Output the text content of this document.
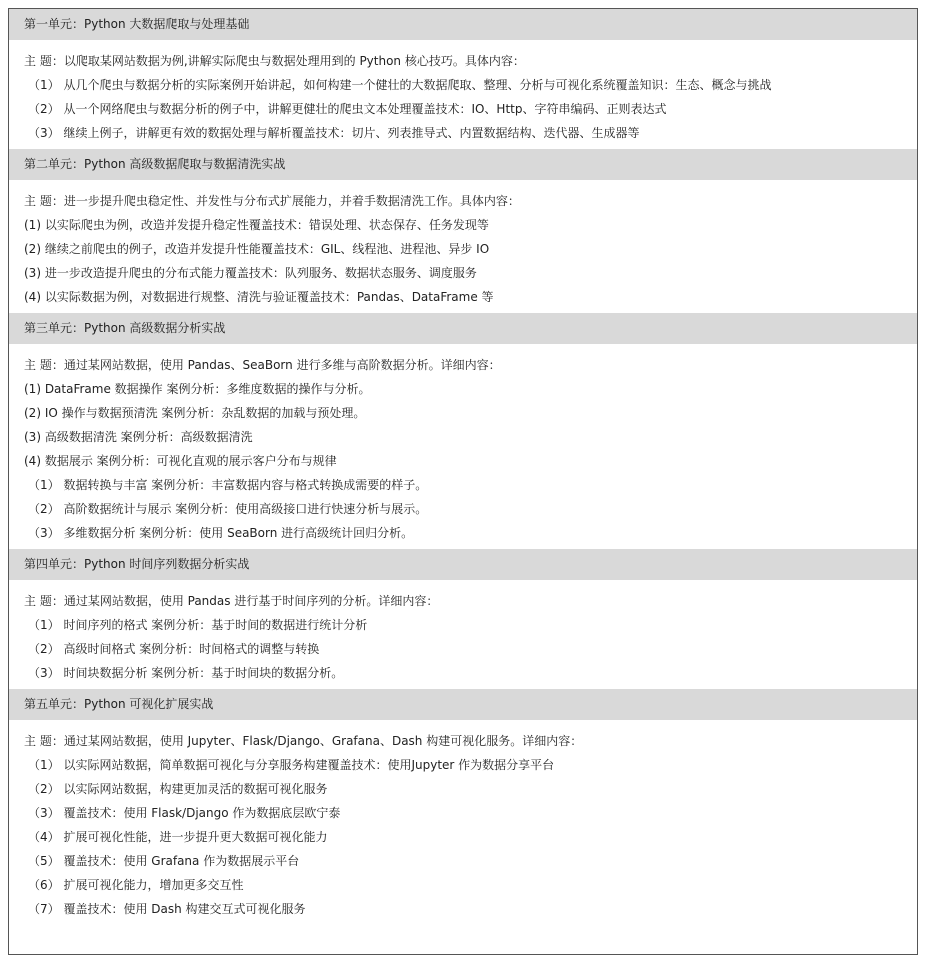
第一单元：Python 大数据爬取与处理基础
主 题：以爬取某网站数据为例,讲解实际爬虫与数据处理用到的 Python 核心技巧。具体内容：
（1） 从几个爬虫与数据分析的实际案例开始讲起，如何构建一个健壮的大数据爬取、整理、分析与可视化系统覆盖知识：生态、概念与挑战
（2） 从一个网络爬虫与数据分析的例子中，讲解更健壮的爬虫文本处理覆盖技术：IO、Http、字符串编码、正则表达式
（3） 继续上例子，讲解更有效的数据处理与解析覆盖技术：切片、列表推导式、内置数据结构、迭代器、生成器等
第二单元：Python 高级数据爬取与数据清洗实战
主 题：进一步提升爬虫稳定性、并发性与分布式扩展能力，并着手数据清洗工作。具体内容：
(1) 以实际爬虫为例，改造并发提升稳定性覆盖技术：错误处理、状态保存、任务发现等
(2) 继续之前爬虫的例子，改造并发提升性能覆盖技术：GIL、线程池、进程池、异步 IO
(3) 进一步改造提升爬虫的分布式能力覆盖技术：队列服务、数据状态服务、调度服务
(4) 以实际数据为例，对数据进行规整、清洗与验证覆盖技术：Pandas、DataFrame 等
第三单元：Python 高级数据分析实战
主 题：通过某网站数据，使用 Pandas、SeaBorn 进行多维与高阶数据分析。详细内容：
(1) DataFrame 数据操作 案例分析：多维度数据的操作与分析。
(2) IO 操作与数据预清洗 案例分析：杂乱数据的加载与预处理。
(3) 高级数据清洗 案例分析：高级数据清洗
(4) 数据展示 案例分析：可视化直观的展示客户分布与规律
（1） 数据转换与丰富 案例分析：丰富数据内容与格式转换成需要的样子。
（2） 高阶数据统计与展示 案例分析：使用高级接口进行快速分析与展示。
（3） 多维数据分析 案例分析：使用 SeaBorn 进行高级统计回归分析。
第四单元：Python 时间序列数据分析实战
主 题：通过某网站数据，使用 Pandas 进行基于时间序列的分析。详细内容：
（1） 时间序列的格式 案例分析：基于时间的数据进行统计分析
（2） 高级时间格式 案例分析：时间格式的调整与转换
（3） 时间块数据分析 案例分析：基于时间块的数据分析。
第五单元：Python 可视化扩展实战
主 题：通过某网站数据，使用 Jupyter、Flask/Django、Grafana、Dash 构建可视化服务。详细内容：
（1） 以实际网站数据，简单数据可视化与分享服务构建覆盖技术：使用Jupyter 作为数据分享平台
（2） 以实际网站数据，构建更加灵活的数据可视化服务
（3） 覆盖技术：使用 Flask/Django 作为数据底层欧宁泰
（4） 扩展可视化性能，进一步提升更大数据可视化能力
（5） 覆盖技术：使用 Grafana 作为数据展示平台
（6） 扩展可视化能力，增加更多交互性
（7） 覆盖技术：使用 Dash 构建交互式可视化服务
